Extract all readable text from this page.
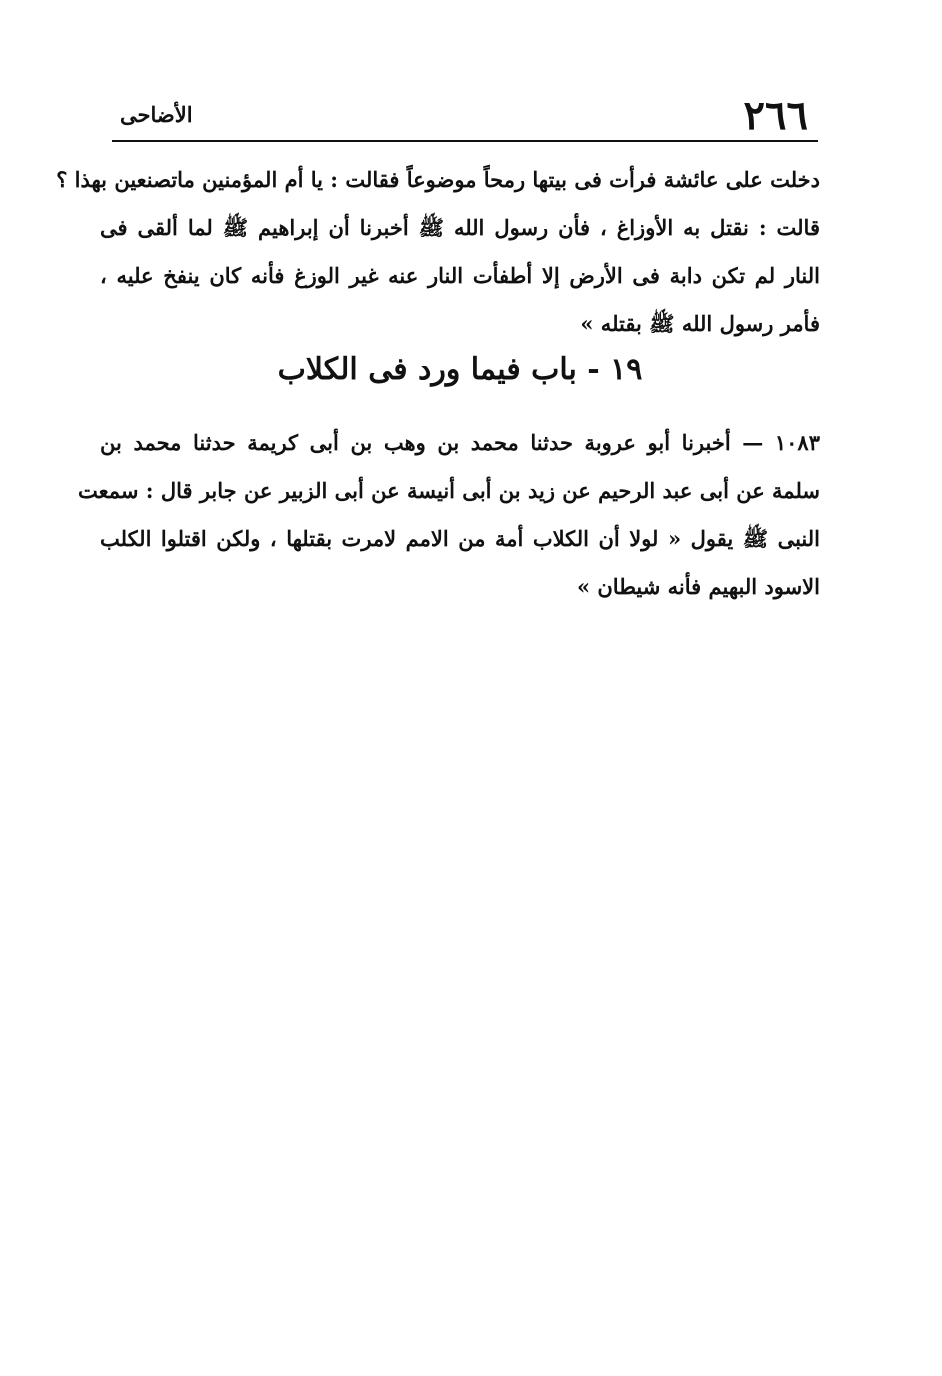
٢٦٦
الأضاحى
دخلت على عائشة فرأت فى بيتها رمحاً موضوعاً فقالت : يا أم المؤمنين ماتصنعين بهذا ؟
قالت : نقتل به الأوزاغ ، فأن رسول الله ﷺ أخبرنا أن إبراهيم ﷺ لما ألقى فى
النار لم تكن دابة فى الأرض إلا أطفأت النار عنه غير الوزغ فأنه كان ينفخ عليه ،
فأمر رسول الله ﷺ بقتله »
١٩ - باب فيما ورد فى الكلاب
١٠٨٣ — أخبرنا أبو عروبة حدثنا محمد بن وهب بن أبى كريمة حدثنا محمد بن
سلمة عن أبى عبد الرحيم عن زيد بن أبى أنيسة عن أبى الزبير عن جابر قال : سمعت
النبى ﷺ يقول « لولا أن الكلاب أمة من الامم لامرت بقتلها ، ولكن اقتلوا الكلب
الاسود البهيم فأنه شيطان »
